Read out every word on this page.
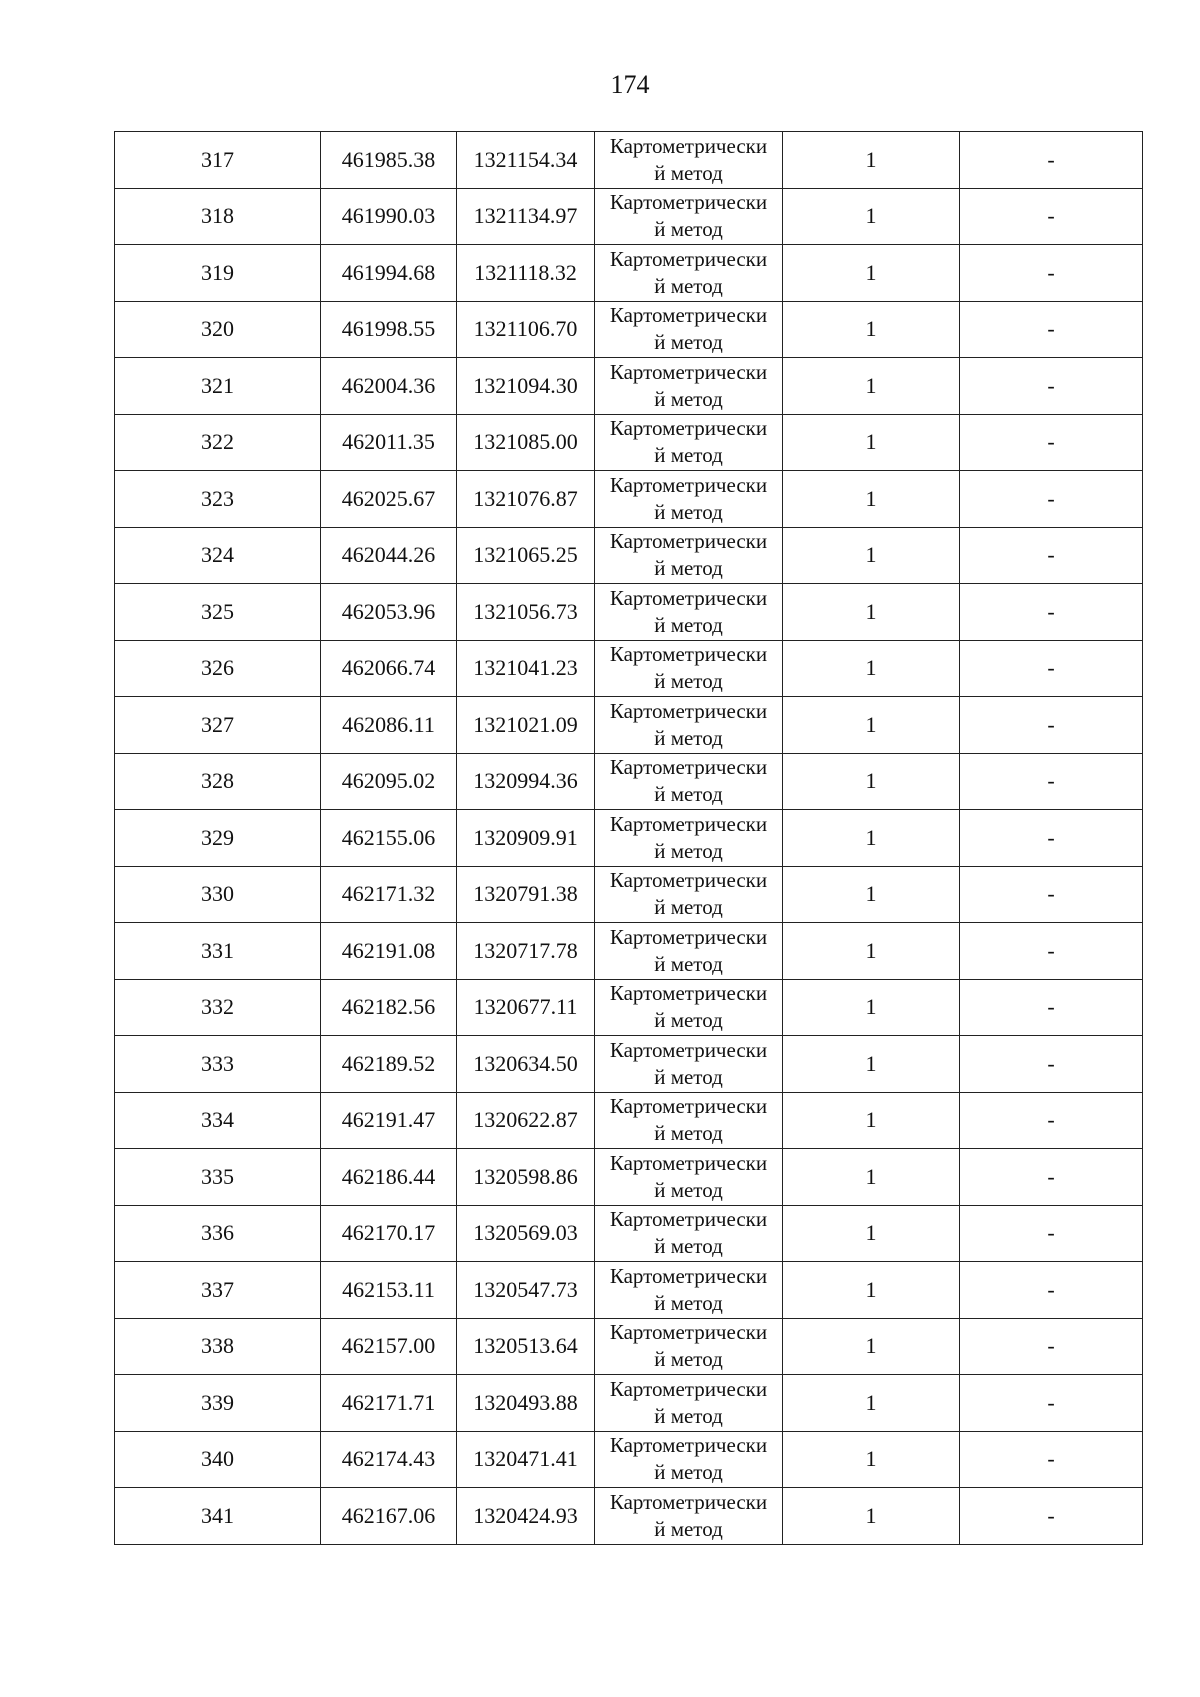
174
317	461985.38	1321154.34	Картометрически
й метод	1	-
318	461990.03	1321134.97	Картометрически
й метод	1	-
319	461994.68	1321118.32	Картометрически
й метод	1	-
320	461998.55	1321106.70	Картометрически
й метод	1	-
321	462004.36	1321094.30	Картометрически
й метод	1	-
322	462011.35	1321085.00	Картометрически
й метод	1	-
323	462025.67	1321076.87	Картометрически
й метод	1	-
324	462044.26	1321065.25	Картометрически
й метод	1	-
325	462053.96	1321056.73	Картометрически
й метод	1	-
326	462066.74	1321041.23	Картометрически
й метод	1	-
327	462086.11	1321021.09	Картометрически
й метод	1	-
328	462095.02	1320994.36	Картометрически
й метод	1	-
329	462155.06	1320909.91	Картометрически
й метод	1	-
330	462171.32	1320791.38	Картометрически
й метод	1	-
331	462191.08	1320717.78	Картометрически
й метод	1	-
332	462182.56	1320677.11	Картометрически
й метод	1	-
333	462189.52	1320634.50	Картометрически
й метод	1	-
334	462191.47	1320622.87	Картометрически
й метод	1	-
335	462186.44	1320598.86	Картометрически
й метод	1	-
336	462170.17	1320569.03	Картометрически
й метод	1	-
337	462153.11	1320547.73	Картометрически
й метод	1	-
338	462157.00	1320513.64	Картометрически
й метод	1	-
339	462171.71	1320493.88	Картометрически
й метод	1	-
340	462174.43	1320471.41	Картометрически
й метод	1	-
341	462167.06	1320424.93	Картометрически
й метод	1	-
